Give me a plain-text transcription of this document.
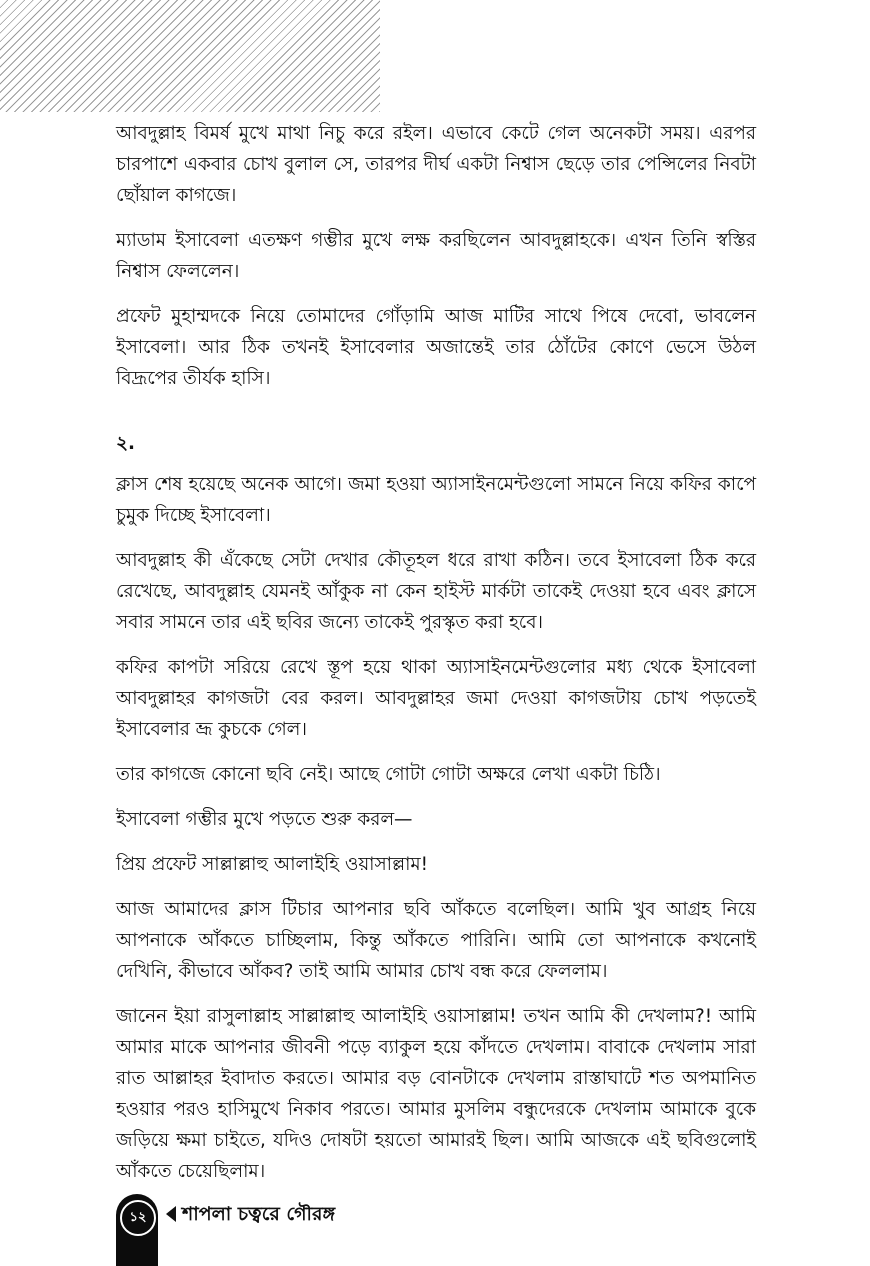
আবদুল্লাহ বিমর্ষ মুখে মাথা নিচু করে রইল। এভাবে কেটে গেল অনেকটা সময়। এরপর চারপাশে একবার চোখ বুলাল সে, তারপর দীর্ঘ একটা নিশ্বাস ছেড়ে তার পেন্সিলের নিবটা ছোঁয়াল কাগজে।

ম্যাডাম ইসাবেলা এতক্ষণ গম্ভীর মুখে লক্ষ করছিলেন আবদুল্লাহকে। এখন তিনি স্বস্তির নিশ্বাস ফেললেন।

প্রফেট মুহাম্মদকে নিয়ে তোমাদের গোঁড়ামি আজ মাটির সাথে পিষে দেবো, ভাবলেন ইসাবেলা। আর ঠিক তখনই ইসাবেলার অজান্তেই তার ঠোঁটের কোণে ভেসে উঠল বিদ্রূপের তীর্যক হাসি।

২.

ক্লাস শেষ হয়েছে অনেক আগে। জমা হওয়া অ্যাসাইনমেন্টগুলো সামনে নিয়ে কফির কাপে চুমুক দিচ্ছে ইসাবেলা।

আবদুল্লাহ কী এঁকেছে সেটা দেখার কৌতূহল ধরে রাখা কঠিন। তবে ইসাবেলা ঠিক করে রেখেছে, আবদুল্লাহ যেমনই আঁকুক না কেন হাইস্ট মার্কটা তাকেই দেওয়া হবে এবং ক্লাসে সবার সামনে তার এই ছবির জন্যে তাকেই পুরস্কৃত করা হবে।

কফির কাপটা সরিয়ে রেখে স্তূপ হয়ে থাকা অ্যাসাইনমেন্টগুলোর মধ্য থেকে ইসাবেলা আবদুল্লাহর কাগজটা বের করল। আবদুল্লাহর জমা দেওয়া কাগজটায় চোখ পড়তেই ইসাবেলার ভ্রূ কুচকে গেল।

তার কাগজে কোনো ছবি নেই। আছে গোটা গোটা অক্ষরে লেখা একটা চিঠি।

ইসাবেলা গম্ভীর মুখে পড়তে শুরু করল—

প্রিয় প্রফেট সাল্লাল্লাহু আলাইহি ওয়াসাল্লাম!

আজ আমাদের ক্লাস টিচার আপনার ছবি আঁকতে বলেছিল। আমি খুব আগ্রহ নিয়ে আপনাকে আঁকতে চাচ্ছিলাম, কিন্তু আঁকতে পারিনি। আমি তো আপনাকে কখনোই দেখিনি, কীভাবে আঁকব? তাই আমি আমার চোখ বন্ধ করে ফেললাম।

জানেন ইয়া রাসুলাল্লাহ সাল্লাল্লাহু আলাইহি ওয়াসাল্লাম! তখন আমি কী দেখলাম?! আমি আমার মাকে আপনার জীবনী পড়ে ব্যাকুল হয়ে কাঁদতে দেখলাম। বাবাকে দেখলাম সারা রাত আল্লাহর ইবাদাত করতে। আমার বড় বোনটাকে দেখলাম রাস্তাঘাটে শত অপমানিত হওয়ার পরও হাসিমুখে নিকাব পরতে। আমার মুসলিম বন্ধুদেরকে দেখলাম আমাকে বুকে জড়িয়ে ক্ষমা চাইতে, যদিও দোষটা হয়তো আমারই ছিল। আমি আজকে এই ছবিগুলোই আঁকতে চেয়েছিলাম।

১২	শাপলা চত্বরে গৌরঙ্গ
